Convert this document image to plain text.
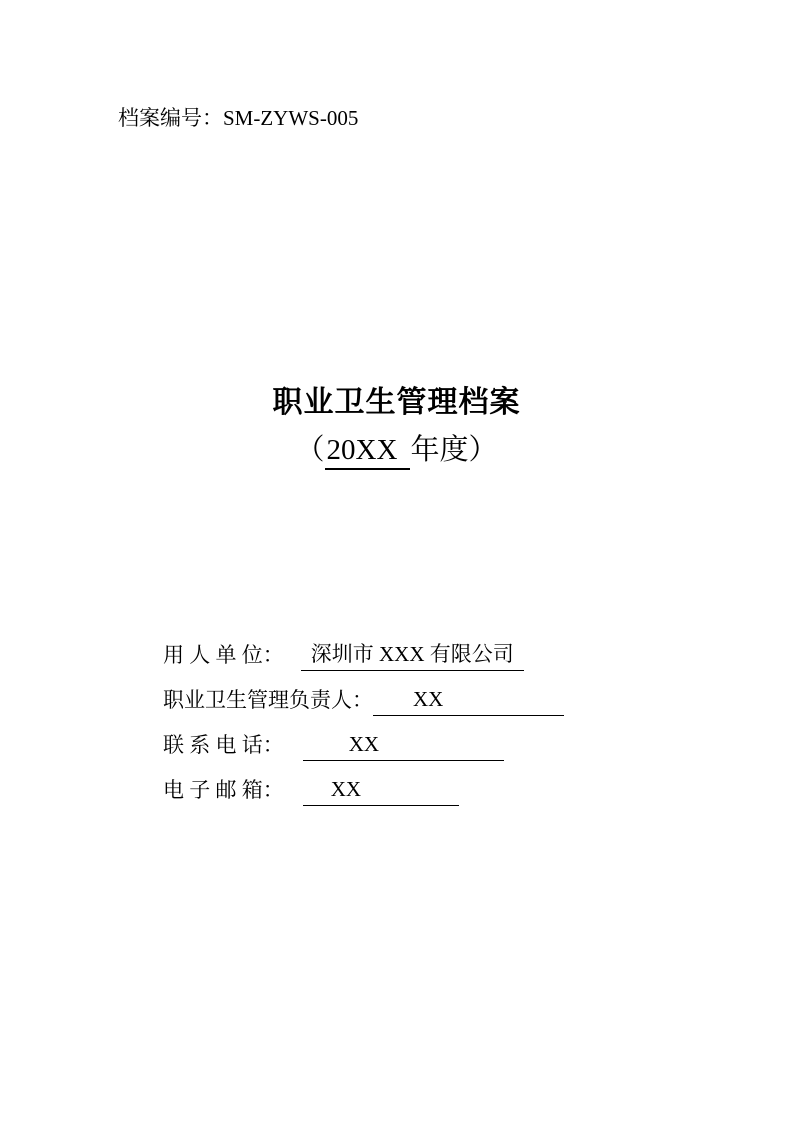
档案编号：SM-ZYWS-005
职业卫生管理档案
（20XX 年度）
用 人 单 位： 深圳市 XXX 有限公司
职业卫生管理负责人： XX
联 系 电 话：	XX
电 子 邮 箱： XX
